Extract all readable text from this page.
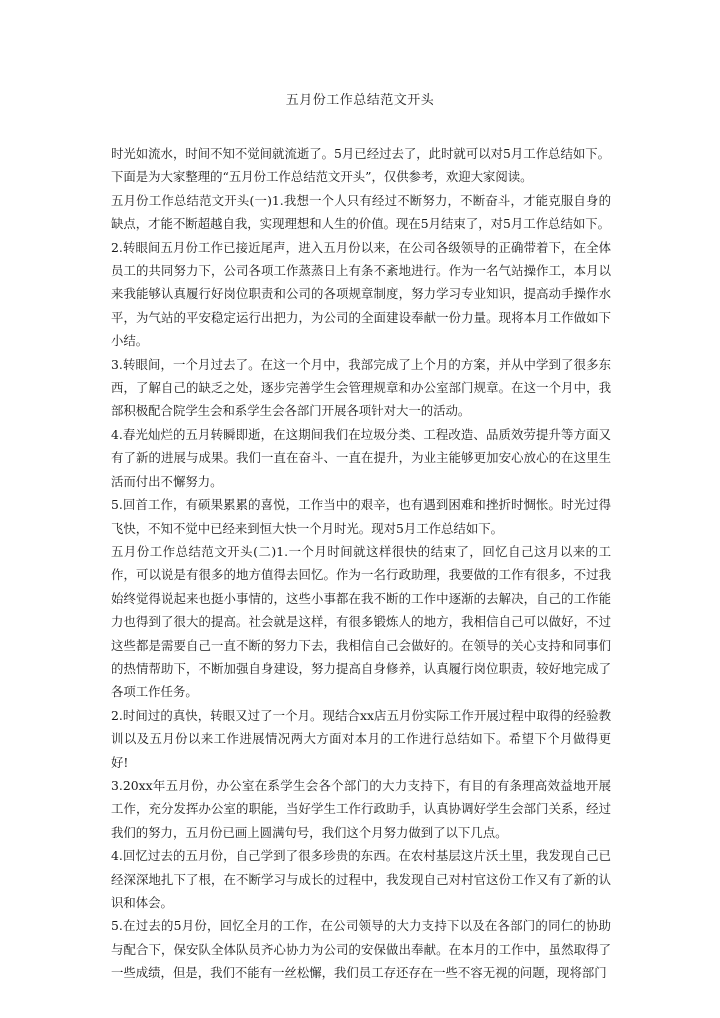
五月份工作总结范文开头

时光如流水，时间不知不觉间就流逝了。5月已经过去了，此时就可以对5月工作总结如下。

下面是为大家整理的“五月份工作总结范文开头”，仅供参考，欢迎大家阅读。

五月份工作总结范文开头(一)1.我想一个人只有经过不断努力，不断奋斗，才能克服自身的缺点，才能不断超越自我，实现理想和人生的价值。现在5月结束了，对5月工作总结如下。

2.转眼间五月份工作已接近尾声，进入五月份以来，在公司各级领导的正确带着下，在全体员工的共同努力下，公司各项工作蒸蒸日上有条不紊地进行。作为一名气站操作工，本月以来我能够认真履行好岗位职责和公司的各项规章制度，努力学习专业知识，提高动手操作水平，为气站的平安稳定运行出把力，为公司的全面建设奉献一份力量。现将本月工作做如下小结。

3.转眼间，一个月过去了。在这一个月中，我部完成了上个月的方案，并从中学到了很多东西，了解自己的缺乏之处，逐步完善学生会管理规章和办公室部门规章。在这一个月中，我部积极配合院学生会和系学生会各部门开展各项针对大一的活动。

4.春光灿烂的五月转瞬即逝，在这期间我们在垃圾分类、工程改造、品质效劳提升等方面又有了新的进展与成果。我们一直在奋斗、一直在提升，为业主能够更加安心放心的在这里生活而付出不懈努力。

5.回首工作，有硕果累累的喜悦，工作当中的艰辛，也有遇到困难和挫折时惆怅。时光过得飞快，不知不觉中已经来到恒大快一个月时光。现对5月工作总结如下。

五月份工作总结范文开头(二)1.一个月时间就这样很快的结束了，回忆自己这月以来的工作，可以说是有很多的地方值得去回忆。作为一名行政助理，我要做的工作有很多，不过我始终觉得说起来也挺小事情的，这些小事都在我不断的工作中逐渐的去解决，自己的工作能力也得到了很大的提高。社会就是这样，有很多锻炼人的地方，我相信自己可以做好，不过这些都是需要自己一直不断的努力下去，我相信自己会做好的。在领导的关心支持和同事们的热情帮助下，不断加强自身建设，努力提高自身修养，认真履行岗位职责，较好地完成了各项工作任务。

2.时间过的真快，转眼又过了一个月。现结合xx店五月份实际工作开展过程中取得的经验教训以及五月份以来工作进展情况两大方面对本月的工作进行总结如下。希望下个月做得更好!

3.20xx年五月份，办公室在系学生会各个部门的大力支持下，有目的有条理高效益地开展工作，充分发挥办公室的职能，当好学生工作行政助手，认真协调好学生会部门关系，经过我们的努力，五月份已画上圆满句号，我们这个月努力做到了以下几点。

4.回忆过去的五月份，自己学到了很多珍贵的东西。在农村基层这片沃土里，我发现自己已经深深地扎下了根，在不断学习与成长的过程中，我发现自己对村官这份工作又有了新的认识和体会。

5.在过去的5月份，回忆全月的工作，在公司领导的大力支持下以及在各部门的同仁的协助与配合下，保安队全体队员齐心协力为公司的安保做出奉献。在本月的工作中，虽然取得了一些成绩，但是，我们不能有一丝松懈，我们员工存还存在一些不容无视的问题，现将部门
